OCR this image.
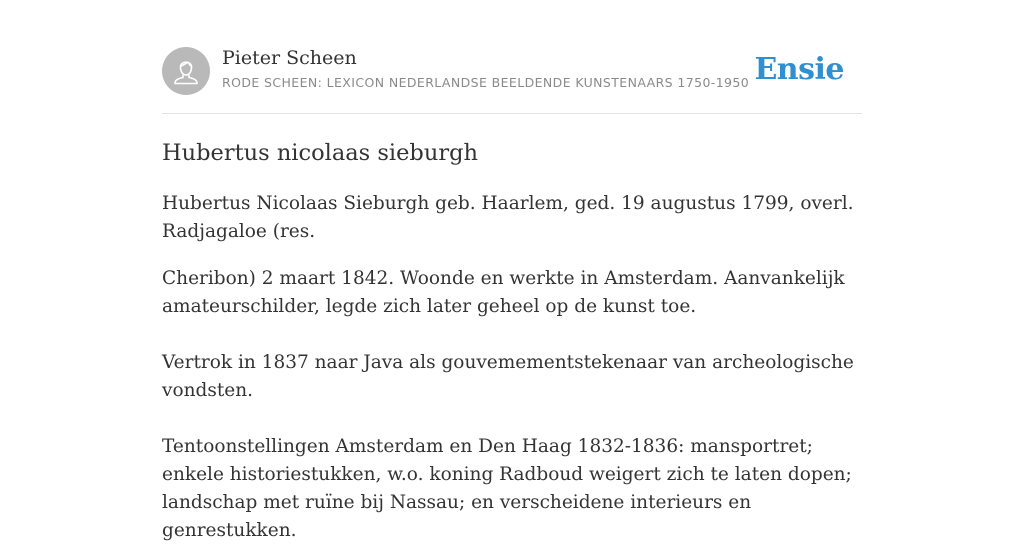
Pieter Scheen
RODE SCHEEN: LEXICON NEDERLANDSE BEELDENDE KUNSTENAARS 1750-1950 Ensie
Hubertus nicolaas sieburgh

Hubertus Nicolaas Sieburgh geb. Haarlem, ged. 19 augustus 1799, overl. Radjagaloe (res.

Cheribon) 2 maart 1842. Woonde en werkte in Amsterdam. Aanvankelijk amateurschilder, legde zich later geheel op de kunst toe.

Vertrok in 1837 naar Java als gouvemementstekenaar van archeologische vondsten.

Tentoonstellingen Amsterdam en Den Haag 1832-1836: mansportret; enkele historiestukken, w.o. koning Radboud weigert zich te laten dopen; landschap met ruïne bij Nassau; en verscheidene interieurs en genrestukken.
